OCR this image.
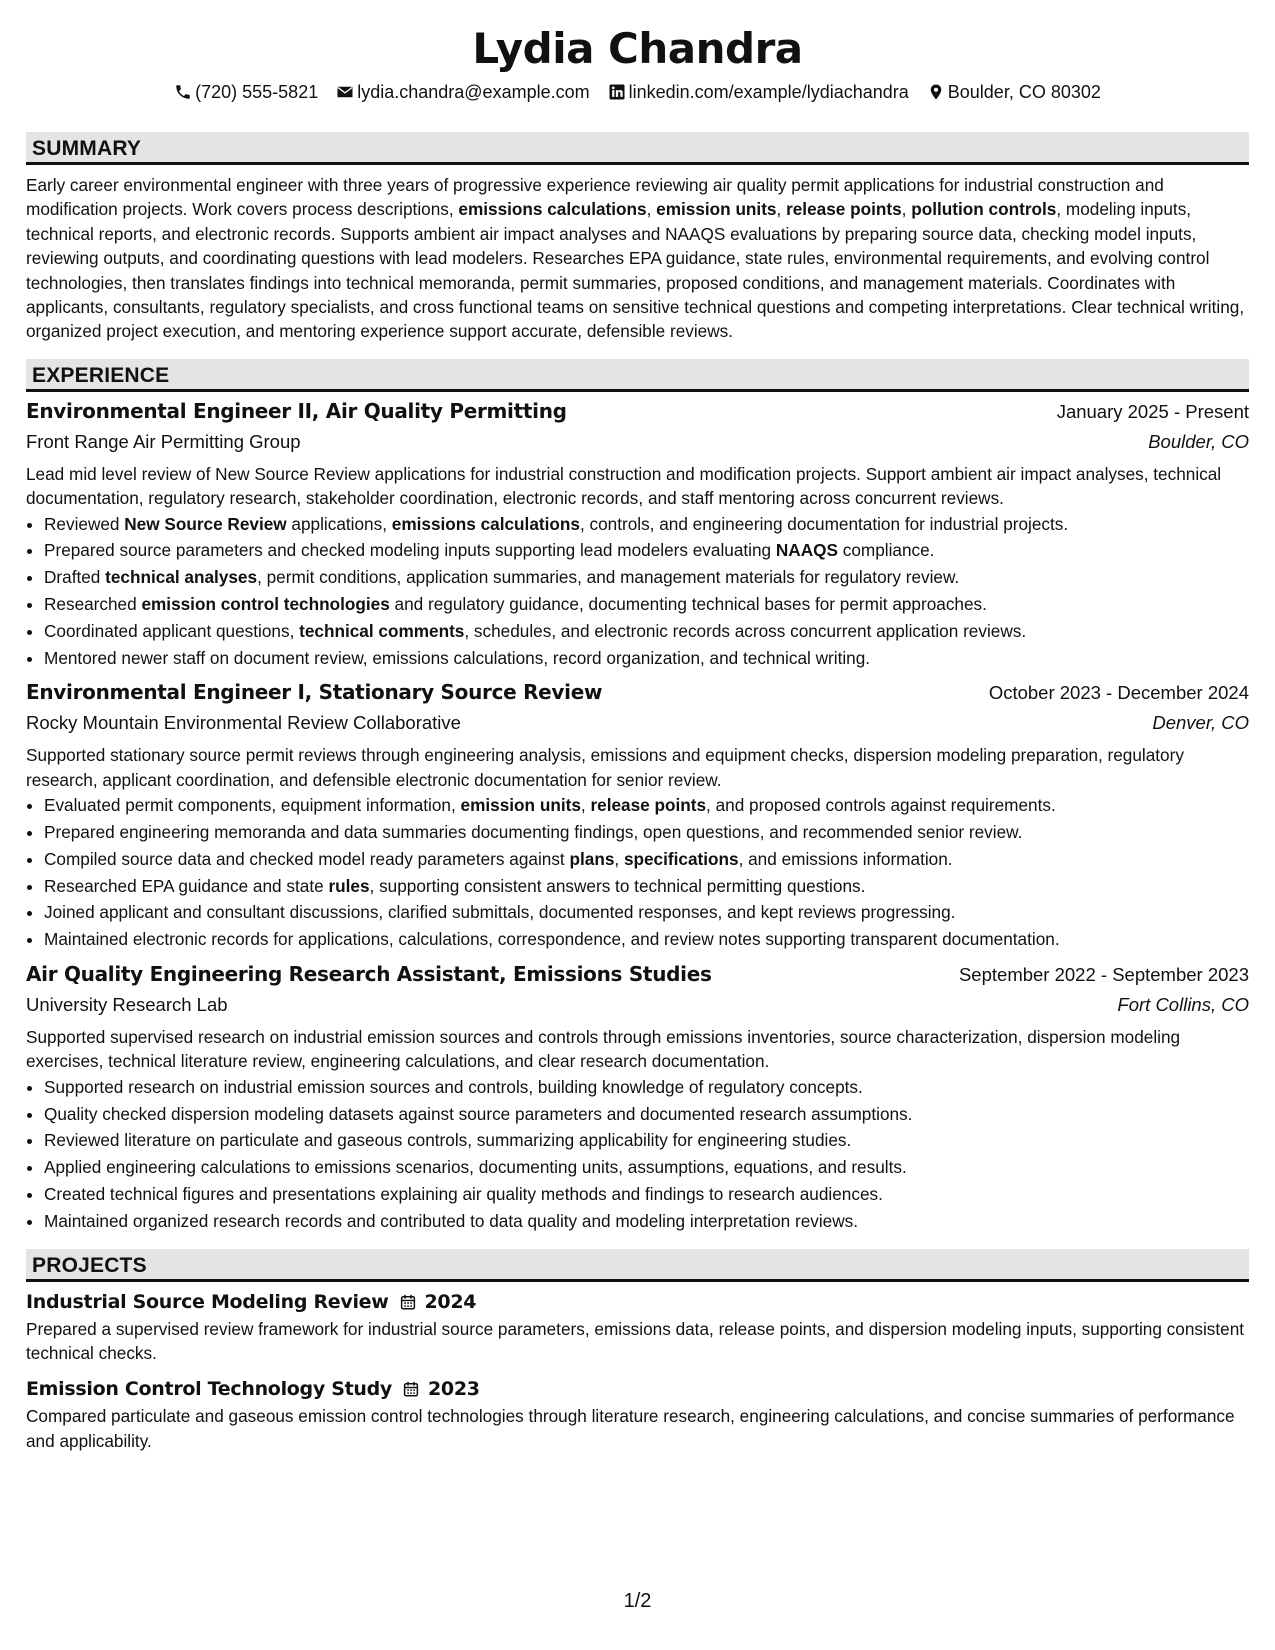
Lydia Chandra
(720) 555-5821 lydia.chandra@example.com linkedin.com/example/lydiachandra Boulder, CO 80302
SUMMARY

Early career environmental engineer with three years of progressive experience reviewing air quality permit applications for industrial construction and modification projects. Work covers process descriptions, emissions calculations, emission units, release points, pollution controls, modeling inputs, technical reports, and electronic records. Supports ambient air impact analyses and NAAQS evaluations by preparing source data, checking model inputs, reviewing outputs, and coordinating questions with lead modelers. Researches EPA guidance, state rules, environmental requirements, and evolving control technologies, then translates findings into technical memoranda, permit summaries, proposed conditions, and management materials. Coordinates with applicants, consultants, regulatory specialists, and cross functional teams on sensitive technical questions and competing interpretations. Clear technical writing, organized project execution, and mentoring experience support accurate, defensible reviews.

EXPERIENCE
Environmental Engineer II, Air Quality Permitting	January 2025 - Present
Front Range Air Permitting Group	Boulder, CO
Lead mid level review of New Source Review applications for industrial construction and modification projects. Support ambient air impact analyses, technical documentation, regulatory research, stakeholder coordination, electronic records, and staff mentoring across concurrent reviews.
• Reviewed New Source Review applications, emissions calculations, controls, and engineering documentation for industrial projects.
• Prepared source parameters and checked modeling inputs supporting lead modelers evaluating NAAQS compliance.
• Drafted technical analyses, permit conditions, application summaries, and management materials for regulatory review.
• Researched emission control technologies and regulatory guidance, documenting technical bases for permit approaches.
• Coordinated applicant questions, technical comments, schedules, and electronic records across concurrent application reviews.
• Mentored newer staff on document review, emissions calculations, record organization, and technical writing.
Environmental Engineer I, Stationary Source Review	October 2023 - December 2024
Rocky Mountain Environmental Review Collaborative	Denver, CO
Supported stationary source permit reviews through engineering analysis, emissions and equipment checks, dispersion modeling preparation, regulatory research, applicant coordination, and defensible electronic documentation for senior review.
• Evaluated permit components, equipment information, emission units, release points, and proposed controls against requirements.
• Prepared engineering memoranda and data summaries documenting findings, open questions, and recommended senior review.
• Compiled source data and checked model ready parameters against plans, specifications, and emissions information.
• Researched EPA guidance and state rules, supporting consistent answers to technical permitting questions.
• Joined applicant and consultant discussions, clarified submittals, documented responses, and kept reviews progressing.
• Maintained electronic records for applications, calculations, correspondence, and review notes supporting transparent documentation.
Air Quality Engineering Research Assistant, Emissions Studies	September 2022 - September 2023
University Research Lab	Fort Collins, CO
Supported supervised research on industrial emission sources and controls through emissions inventories, source characterization, dispersion modeling exercises, technical literature review, engineering calculations, and clear research documentation.
• Supported research on industrial emission sources and controls, building knowledge of regulatory concepts.
• Quality checked dispersion modeling datasets against source parameters and documented research assumptions.
• Reviewed literature on particulate and gaseous controls, summarizing applicability for engineering studies.
• Applied engineering calculations to emissions scenarios, documenting units, assumptions, equations, and results.
• Created technical figures and presentations explaining air quality methods and findings to research audiences.
• Maintained organized research records and contributed to data quality and modeling interpretation reviews.
PROJECTS
Industrial Source Modeling Review 2024
Prepared a supervised review framework for industrial source parameters, emissions data, release points, and dispersion modeling inputs, supporting consistent technical checks.
Emission Control Technology Study 2023
Compared particulate and gaseous emission control technologies through literature research, engineering calculations, and concise summaries of performance and applicability.
1/2
